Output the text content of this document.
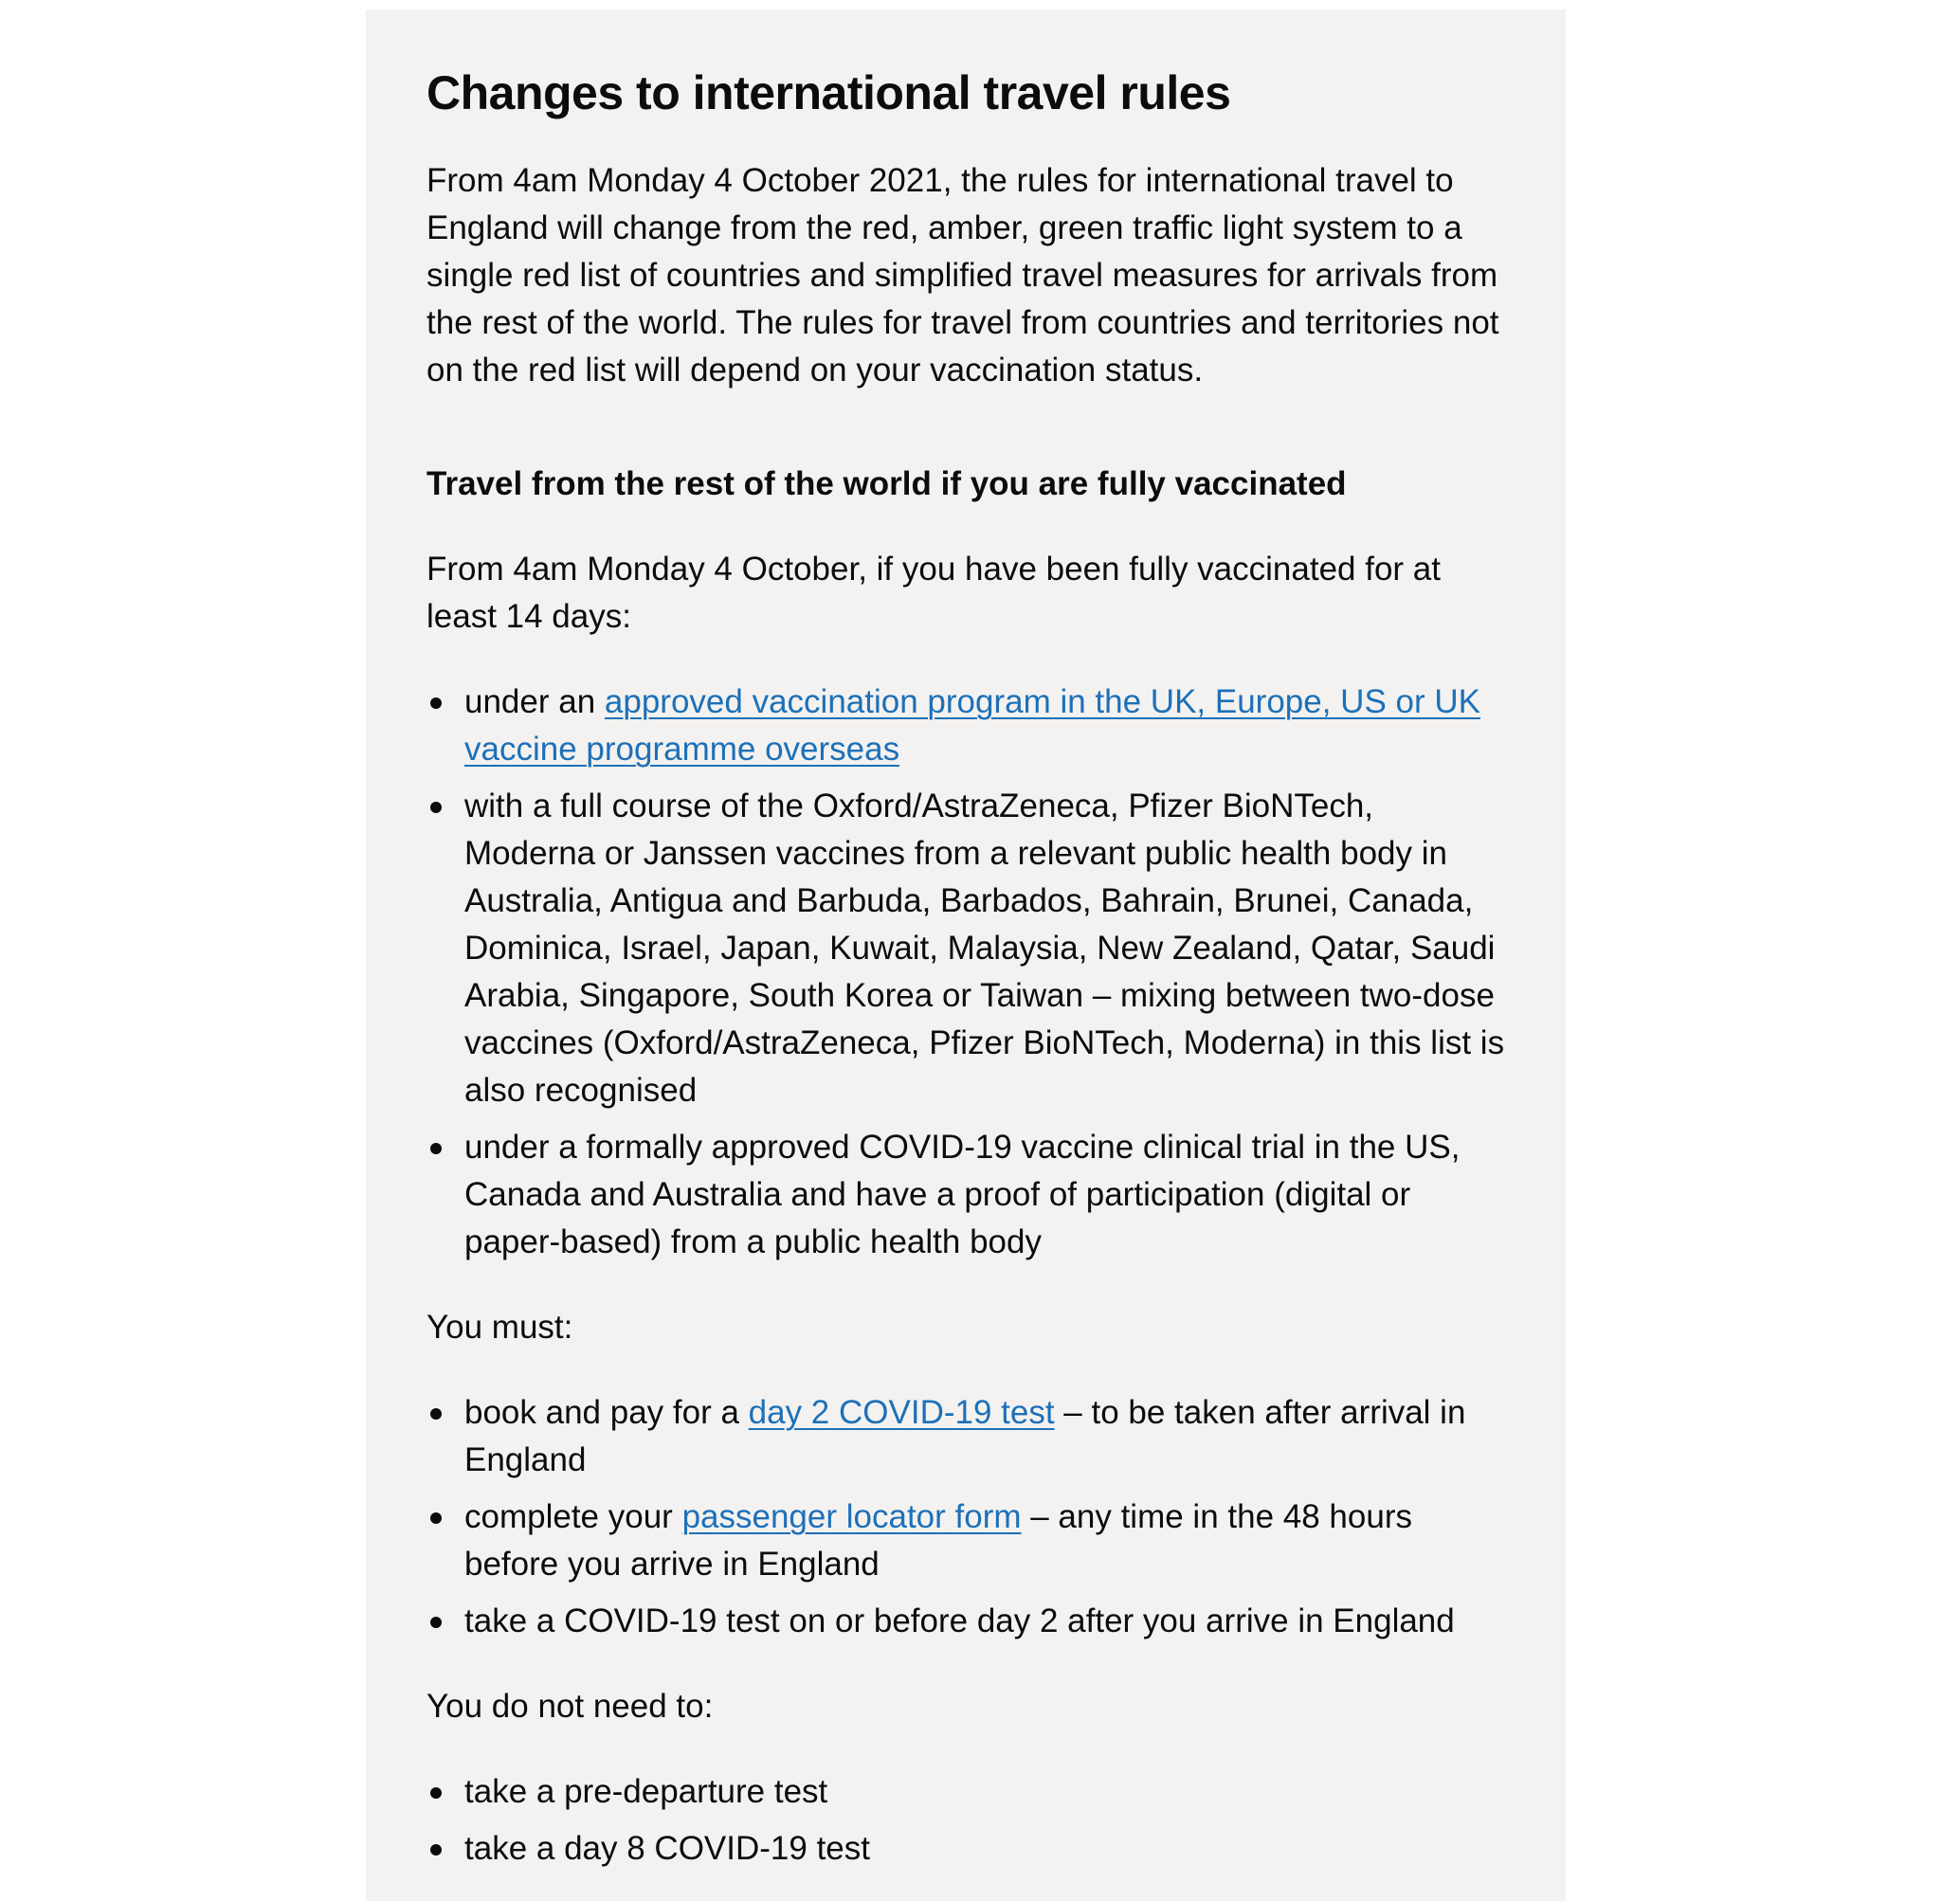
Changes to international travel rules

From 4am Monday 4 October 2021, the rules for international travel to England will change from the red, amber, green traffic light system to a single red list of countries and simplified travel measures for arrivals from the rest of the world. The rules for travel from countries and territories not on the red list will depend on your vaccination status.

Travel from the rest of the world if you are fully vaccinated

From 4am Monday 4 October, if you have been fully vaccinated for at least 14 days:

under an approved vaccination program in the UK, Europe, US or UK vaccine programme overseas
with a full course of the Oxford/AstraZeneca, Pfizer BioNTech, Moderna or Janssen vaccines from a relevant public health body in Australia, Antigua and Barbuda, Barbados, Bahrain, Brunei, Canada, Dominica, Israel, Japan, Kuwait, Malaysia, New Zealand, Qatar, Saudi Arabia, Singapore, South Korea or Taiwan – mixing between two-dose vaccines (Oxford/AstraZeneca, Pfizer BioNTech, Moderna) in this list is also recognised
under a formally approved COVID-19 vaccine clinical trial in the US, Canada and Australia and have a proof of participation (digital or paper-based) from a public health body

You must:

book and pay for a day 2 COVID-19 test – to be taken after arrival in England
complete your passenger locator form – any time in the 48 hours before you arrive in England
take a COVID-19 test on or before day 2 after you arrive in England

You do not need to:

take a pre-departure test
take a day 8 COVID-19 test
